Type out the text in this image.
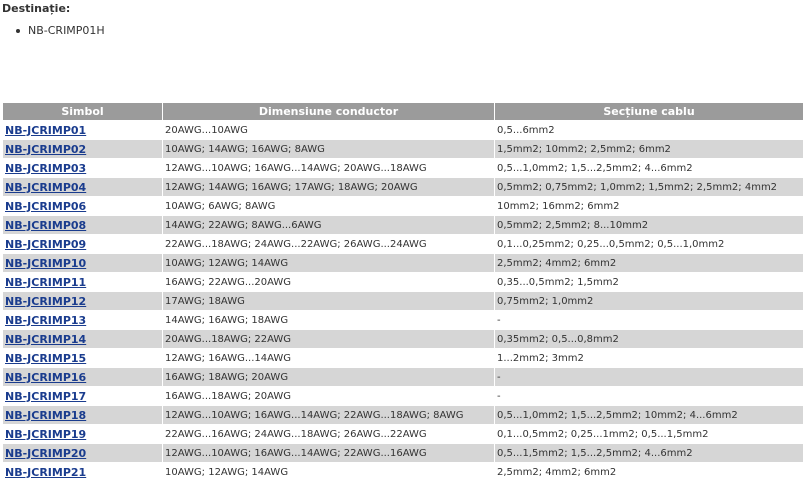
Destinație:
NB-CRIMP01H
Simbol	Dimensiune conductor	Secțiune cablu
NB-JCRIMP01	20AWG...10AWG	0,5...6mm2
NB-JCRIMP02	10AWG; 14AWG; 16AWG; 8AWG	1,5mm2; 10mm2; 2,5mm2; 6mm2
NB-JCRIMP03	12AWG...10AWG; 16AWG...14AWG; 20AWG...18AWG	0,5...1,0mm2; 1,5...2,5mm2; 4...6mm2
NB-JCRIMP04	12AWG; 14AWG; 16AWG; 17AWG; 18AWG; 20AWG	0,5mm2; 0,75mm2; 1,0mm2; 1,5mm2; 2,5mm2; 4mm2
NB-JCRIMP06	10AWG; 6AWG; 8AWG	10mm2; 16mm2; 6mm2
NB-JCRIMP08	14AWG; 22AWG; 8AWG...6AWG	0,5mm2; 2,5mm2; 8...10mm2
NB-JCRIMP09	22AWG...18AWG; 24AWG...22AWG; 26AWG...24AWG	0,1...0,25mm2; 0,25...0,5mm2; 0,5...1,0mm2
NB-JCRIMP10	10AWG; 12AWG; 14AWG	2,5mm2; 4mm2; 6mm2
NB-JCRIMP11	16AWG; 22AWG...20AWG	0,35...0,5mm2; 1,5mm2
NB-JCRIMP12	17AWG; 18AWG	0,75mm2; 1,0mm2
NB-JCRIMP13	14AWG; 16AWG; 18AWG	-
NB-JCRIMP14	20AWG...18AWG; 22AWG	0,35mm2; 0,5...0,8mm2
NB-JCRIMP15	12AWG; 16AWG...14AWG	1...2mm2; 3mm2
NB-JCRIMP16	16AWG; 18AWG; 20AWG	-
NB-JCRIMP17	16AWG...18AWG; 20AWG	-
NB-JCRIMP18	12AWG...10AWG; 16AWG...14AWG; 22AWG...18AWG; 8AWG	0,5...1,0mm2; 1,5...2,5mm2; 10mm2; 4...6mm2
NB-JCRIMP19	22AWG...16AWG; 24AWG...18AWG; 26AWG...22AWG	0,1...0,5mm2; 0,25...1mm2; 0,5...1,5mm2
NB-JCRIMP20	12AWG...10AWG; 16AWG...14AWG; 22AWG...16AWG	0,5...1,5mm2; 1,5...2,5mm2; 4...6mm2
NB-JCRIMP21	10AWG; 12AWG; 14AWG	2,5mm2; 4mm2; 6mm2
